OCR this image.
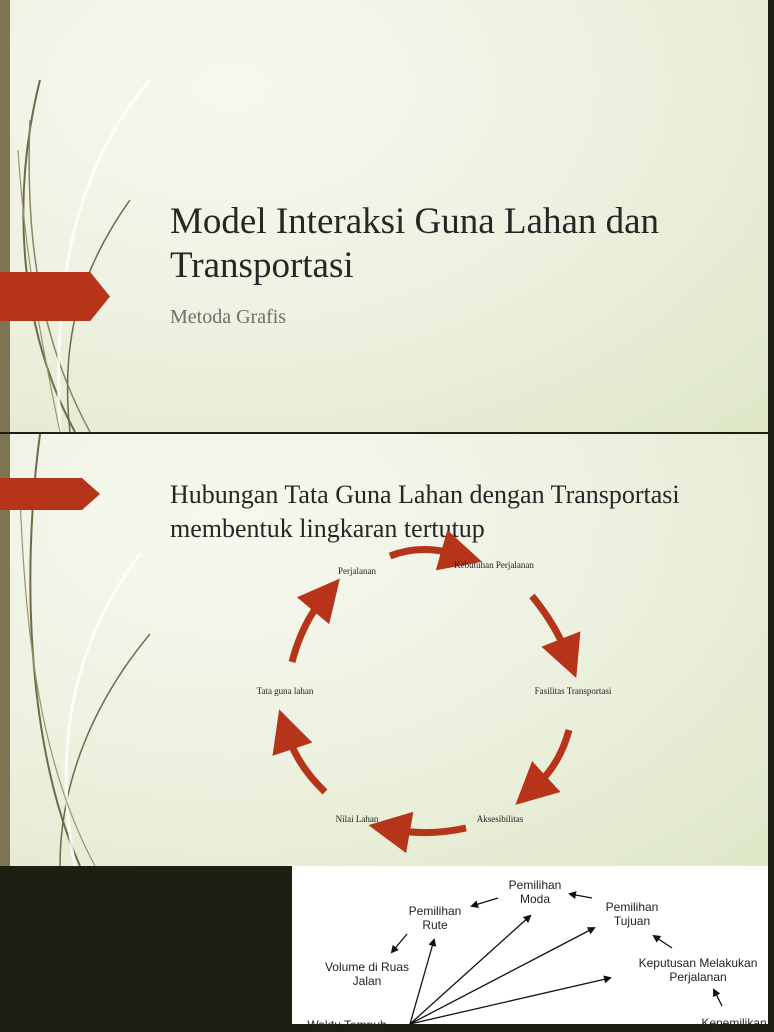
Model Interaksi Guna Lahan dan Transportasi
Metoda Grafis
Hubungan Tata Guna Lahan dengan Transportasi membentuk lingkaran tertutup
Perjalanan
Kebutuhan Perjalanan
Fasilitas Transportasi
Aksesibilitas
Nilai Lahan
Tata guna lahan
Pemilihan Moda
Pemilihan Rute
Pemilihan Tujuan
Volume di Ruas Jalan
Keputusan Melakukan Perjalanan
Kepemilikan
Waktu Tempuh
